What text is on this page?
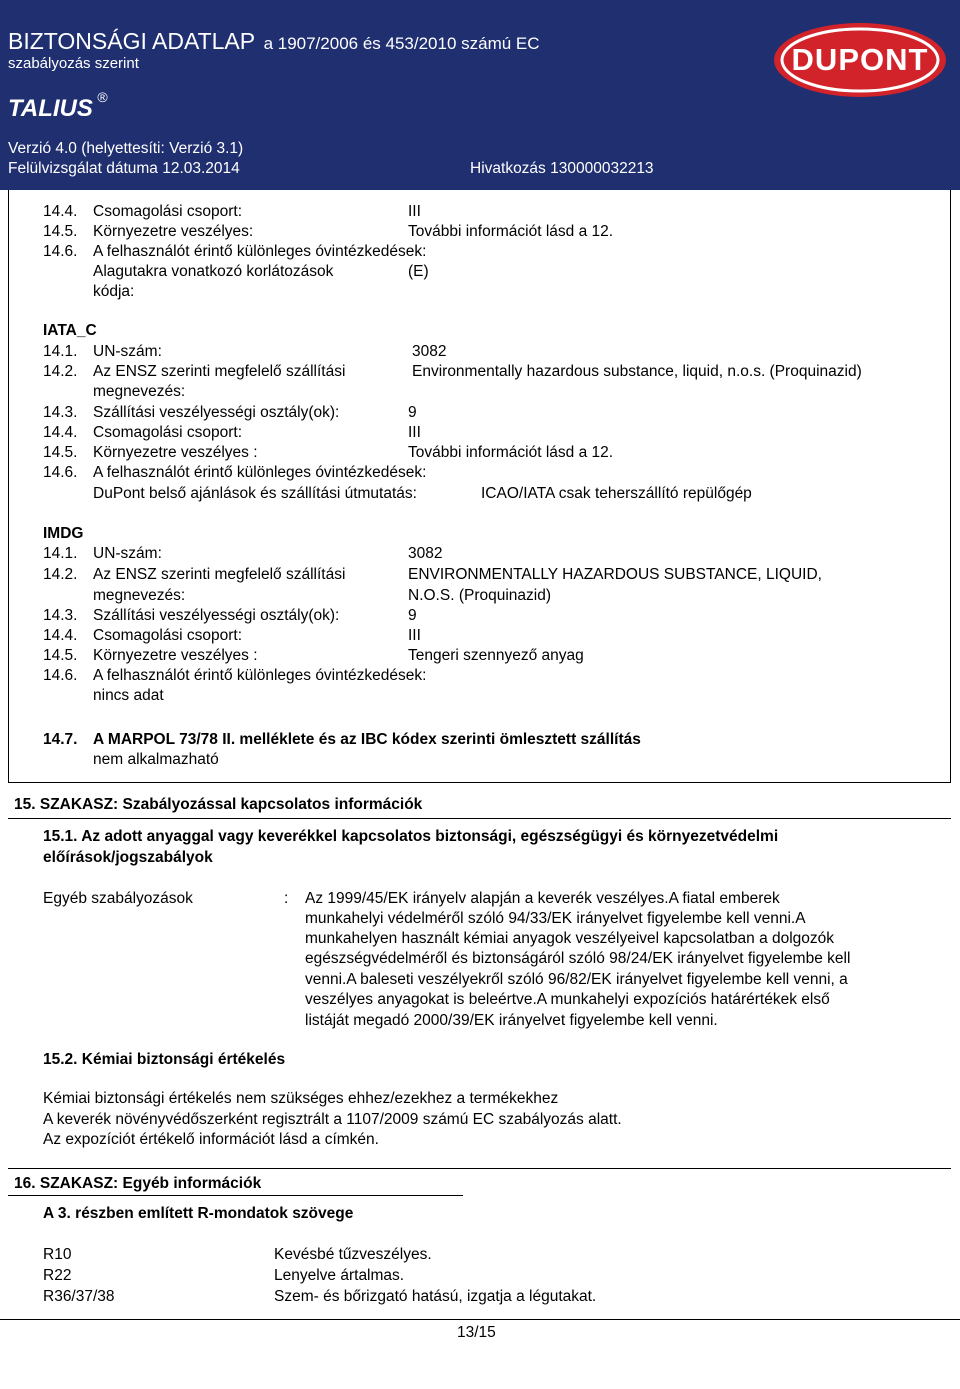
BIZTONSÁGI ADATLAP a 1907/2006 és 453/2010 számú EC
szabályozás szerint
TALIUS ®
Verzió 4.0 (helyettesíti: Verzió 3.1)
Felülvizsgálat dátuma 12.03.2014	Hivatkozás 130000032213
DUPONT
14.4. Csomagolási csoport:	III
14.5. Környezetre veszélyes:	További információt lásd a 12.
14.6. A felhasználót érintő különleges óvintézkedések:
Alagutakra vonatkozó korlátozások	(E)
kódja:
IATA_C
14.1. UN-szám:	3082
14.2. Az ENSZ szerinti megfelelő szállítási	Environmentally hazardous substance, liquid, n.o.s. (Proquinazid)
megnevezés:
14.3. Szállítási veszélyességi osztály(ok):	9
14.4. Csomagolási csoport:	III
14.5. Környezetre veszélyes :	További információt lásd a 12.
14.6. A felhasználót érintő különleges óvintézkedések:
DuPont belső ajánlások és szállítási útmutatás:	ICAO/IATA csak teherszállító repülőgép
IMDG
14.1. UN-szám:	3082
14.2. Az ENSZ szerinti megfelelő szállítási	ENVIRONMENTALLY HAZARDOUS SUBSTANCE, LIQUID,
megnevezés:	N.O.S. (Proquinazid)
14.3. Szállítási veszélyességi osztály(ok):	9
14.4. Csomagolási csoport:	III
14.5. Környezetre veszélyes :	Tengeri szennyező anyag
14.6. A felhasználót érintő különleges óvintézkedések:
nincs adat
14.7. A MARPOL 73/78 II. melléklete és az IBC kódex szerinti ömlesztett szállítás
nem alkalmazható
15. SZAKASZ: Szabályozással kapcsolatos információk
15.1. Az adott anyaggal vagy keverékkel kapcsolatos biztonsági, egészségügyi és környezetvédelmi
előírások/jogszabályok
Egyéb szabályozások	: Az 1999/45/EK irányelv alapján a keverék veszélyes.A fiatal emberek
munkahelyi védelméről szóló 94/33/EK irányelvet figyelembe kell venni.A
munkahelyen használt kémiai anyagok veszélyeivel kapcsolatban a dolgozók
egészségvédelméről és biztonságáról szóló 98/24/EK irányelvet figyelembe kell
venni.A baleseti veszélyekről szóló 96/82/EK irányelvet figyelembe kell venni, a
veszélyes anyagokat is beleértve.A munkahelyi expozíciós határértékek első
listáját megadó 2000/39/EK irányelvet figyelembe kell venni.
15.2. Kémiai biztonsági értékelés
Kémiai biztonsági értékelés nem szükséges ehhez/ezekhez a termékekhez
A keverék növényvédőszerként regisztrált a 1107/2009 számú EC szabályozás alatt.
Az expozíciót értékelő információt lásd a címkén.
16. SZAKASZ: Egyéb információk
A 3. részben említett R-mondatok szövege
R10	Kevésbé tűzveszélyes.
R22	Lenyelve ártalmas.
R36/37/38	Szem- és bőrizgató hatású, izgatja a légutakat.
13/15
